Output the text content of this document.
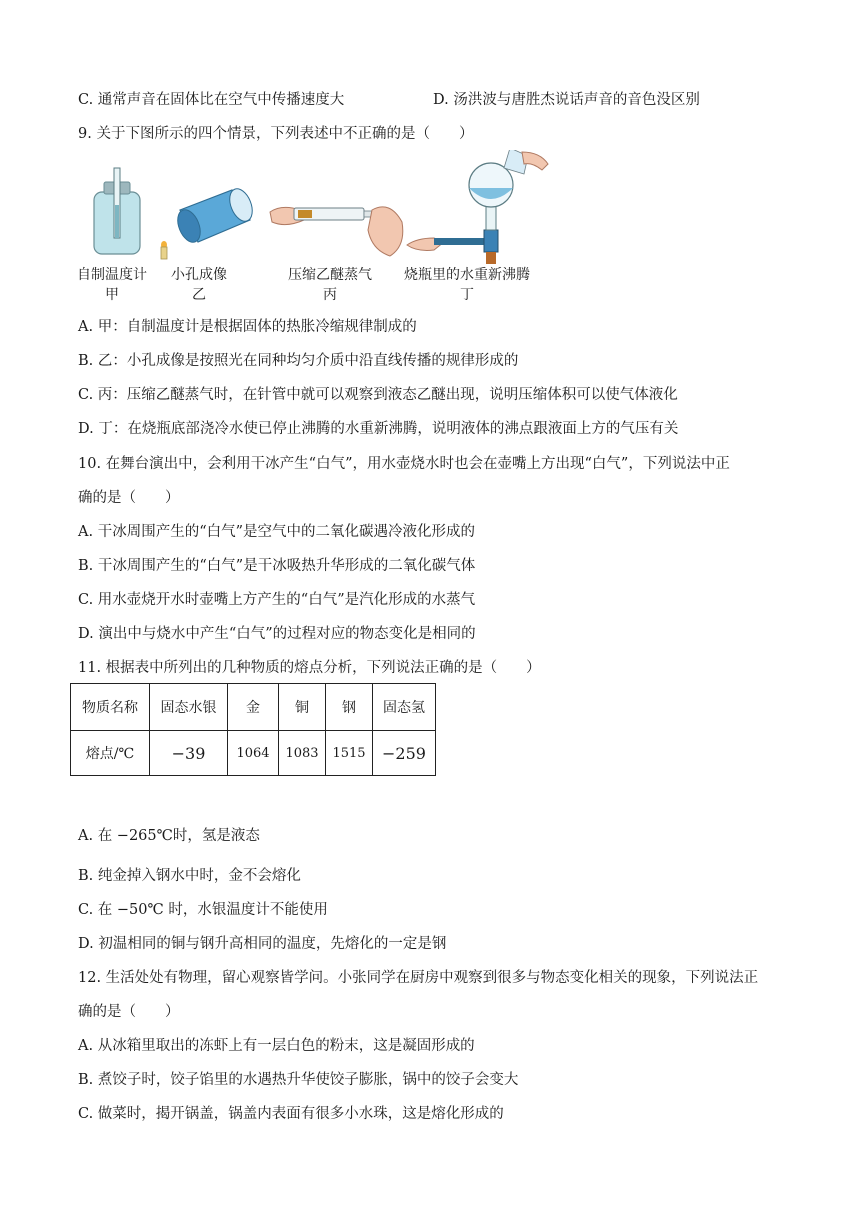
C. 通常声音在固体比在空气中传播速度大	D. 汤洪波与唐胜杰说话声音的音色没区别
9. 关于下图所示的四个情景，下列表述中不正确的是（　　）
自制温度计
甲
小孔成像
乙
压缩乙醚蒸气
丙
烧瓶里的水重新沸腾
丁
A. 甲：自制温度计是根据固体的热胀冷缩规律制成的
B. 乙：小孔成像是按照光在同种均匀介质中沿直线传播的规律形成的
C. 丙：压缩乙醚蒸气时，在针管中就可以观察到液态乙醚出现，说明压缩体积可以使气体液化
D. 丁：在烧瓶底部浇冷水使已停止沸腾的水重新沸腾，说明液体的沸点跟液面上方的气压有关
10. 在舞台演出中，会利用干冰产生“白气”，用水壶烧水时也会在壶嘴上方出现“白气”，下列说法中正
确的是（　　）
A. 干冰周围产生的“白气”是空气中的二氧化碳遇冷液化形成的
B. 干冰周围产生的“白气”是干冰吸热升华形成的二氧化碳气体
C. 用水壶烧开水时壶嘴上方产生的“白气”是汽化形成的水蒸气
D. 演出中与烧水中产生“白气”的过程对应的物态变化是相同的
11. 根据表中所列出的几种物质的熔点分析，下列说法正确的是（　　）
物质名称	固态水银	金	铜	钢	固态氢
熔点/℃	−39	1064	1083	1515	−259
A. 在 −265℃时，氢是液态
B. 纯金掉入钢水中时，金不会熔化
C. 在 −50℃ 时，水银温度计不能使用
D. 初温相同的铜与钢升高相同的温度，先熔化的一定是钢
12. 生活处处有物理，留心观察皆学问。小张同学在厨房中观察到很多与物态变化相关的现象，下列说法正
确的是（　　）
A. 从冰箱里取出的冻虾上有一层白色的粉末，这是凝固形成的
B. 煮饺子时，饺子馅里的水遇热升华使饺子膨胀，锅中的饺子会变大
C. 做菜时，揭开锅盖，锅盖内表面有很多小水珠，这是熔化形成的
